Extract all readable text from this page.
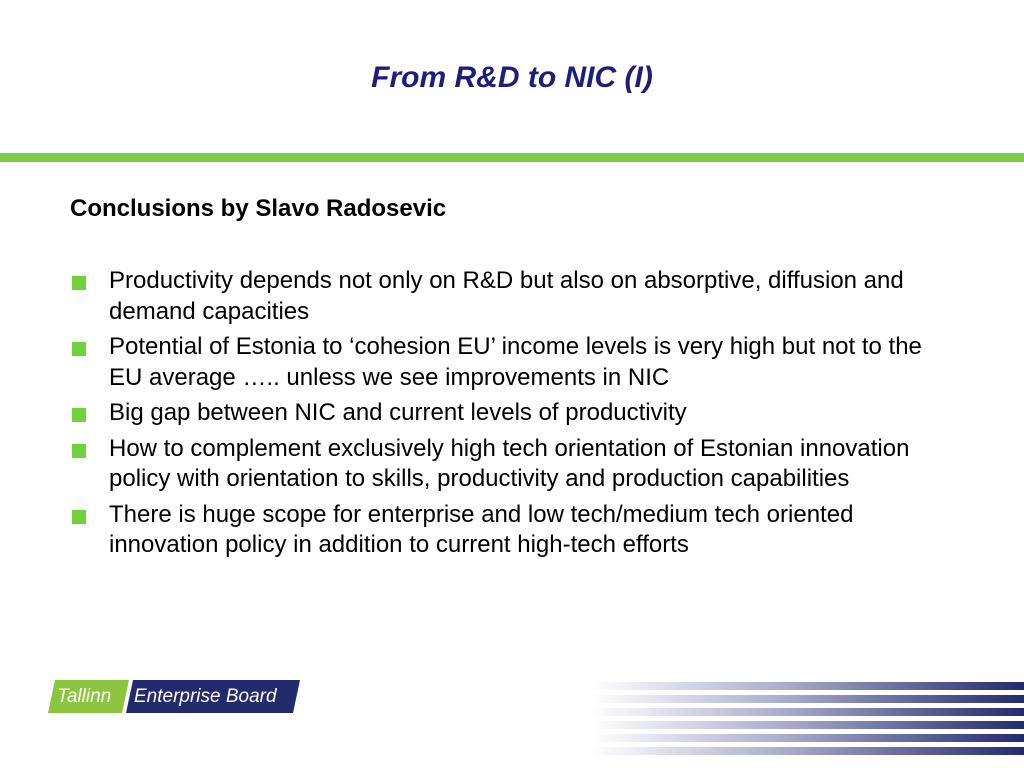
From R&D to NIC (I)
Conclusions by Slavo Radosevic
Productivity depends not only on R&D but also on absorptive, diffusion and demand capacities
Potential of Estonia to ‘cohesion EU’ income levels is very high but not to the EU average ….. unless we see improvements in NIC
Big gap between NIC and current levels of productivity
How to complement exclusively high tech orientation of Estonian innovation policy with orientation to skills, productivity and production capabilities
There is huge scope for enterprise and low tech/medium tech oriented innovation policy in addition to current high-tech efforts
Tallinn Enterprise Board
